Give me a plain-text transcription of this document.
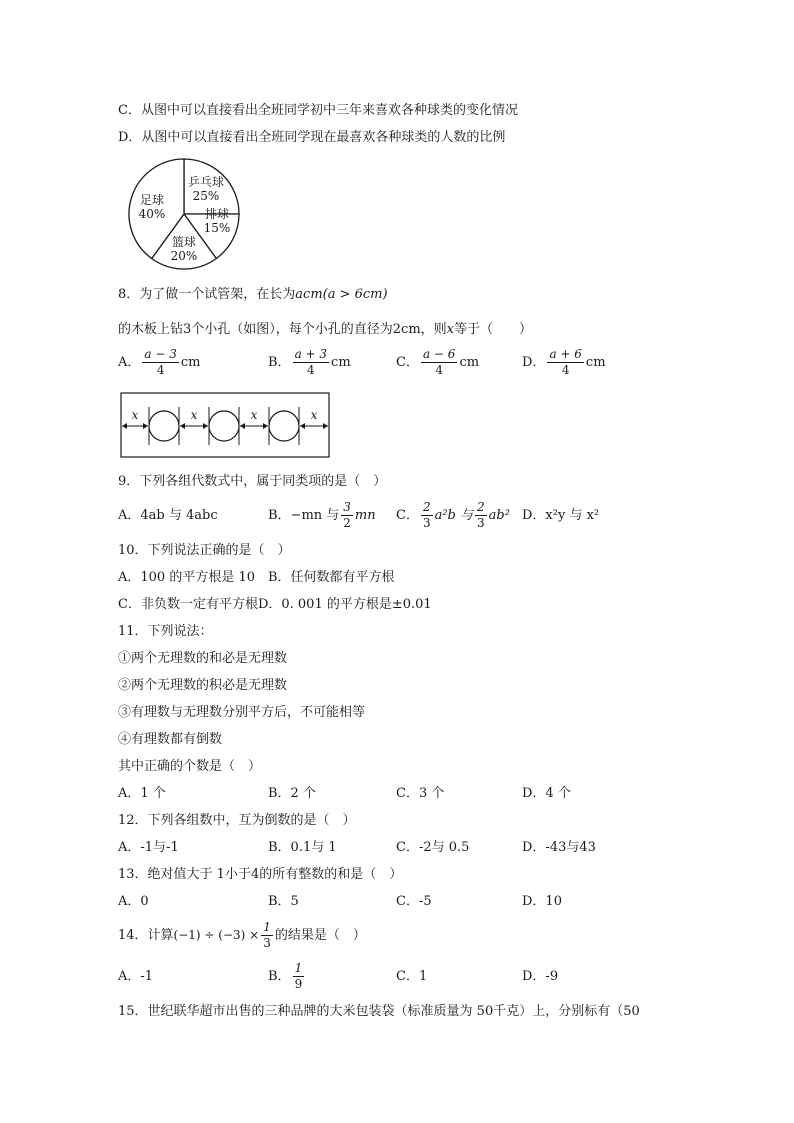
C．从图中可以直接看出全班同学初中三年来喜欢各种球类的变化情况
D．从图中可以直接看出全班同学现在最喜欢各种球类的人数的比例
足球
40%
乒乓球
25%
排球
15%
篮球
20%
8．为了做一个试管架，在长为acm(a > 6cm)
的木板上钻3个小孔（如图），每个小孔的直径为2cm，则x等于（　　）
A． $\frac{a - 3}{4}$ cm	B． $\frac{a + 3}{4}$ cm	C． $\frac{a - 6}{4}$ cm	D． $\frac{a + 6}{4}$ cm
x	x	x	x
9．下列各组代数式中，属于同类项的是（　）
A．4ab 与 4abc	B．−mn 与 $\frac{3}{2}$ mn C． $\frac{2}{3} a^2b$ 与 $\frac{2}{3} ab^2$ D．x²y 与 x²
10．下列说法正确的是（　）
A．100 的平方根是 10　B．任何数都有平方根
C．非负数一定有平方根D．0. 001 的平方根是±0.01
11．下列说法：
①两个无理数的和必是无理数
②两个无理数的积必是无理数
③有理数与无理数分别平方后，不可能相等
④有理数都有倒数
其中正确的个数是（　）
A．1 个	B．2 个	C．3 个	D．4 个
12．下列各组数中，互为倒数的是（　）
A．-1与-1	B．0.1与 1	C．-2与 0.5	D．-43与43
13．绝对值大于 1小于4的所有整数的和是（　）
A．0	B．5	C．-5	D．10
14．计算$(-1) \div (-3) \times \frac{1}{3}$ 的结果是（　）
A．-1	B． $\frac{1}{9}$	C．1	D．-9
15．世纪联华超市出售的三种品牌的大米包装袋（标准质量为 50千克）上，分别标有（50
